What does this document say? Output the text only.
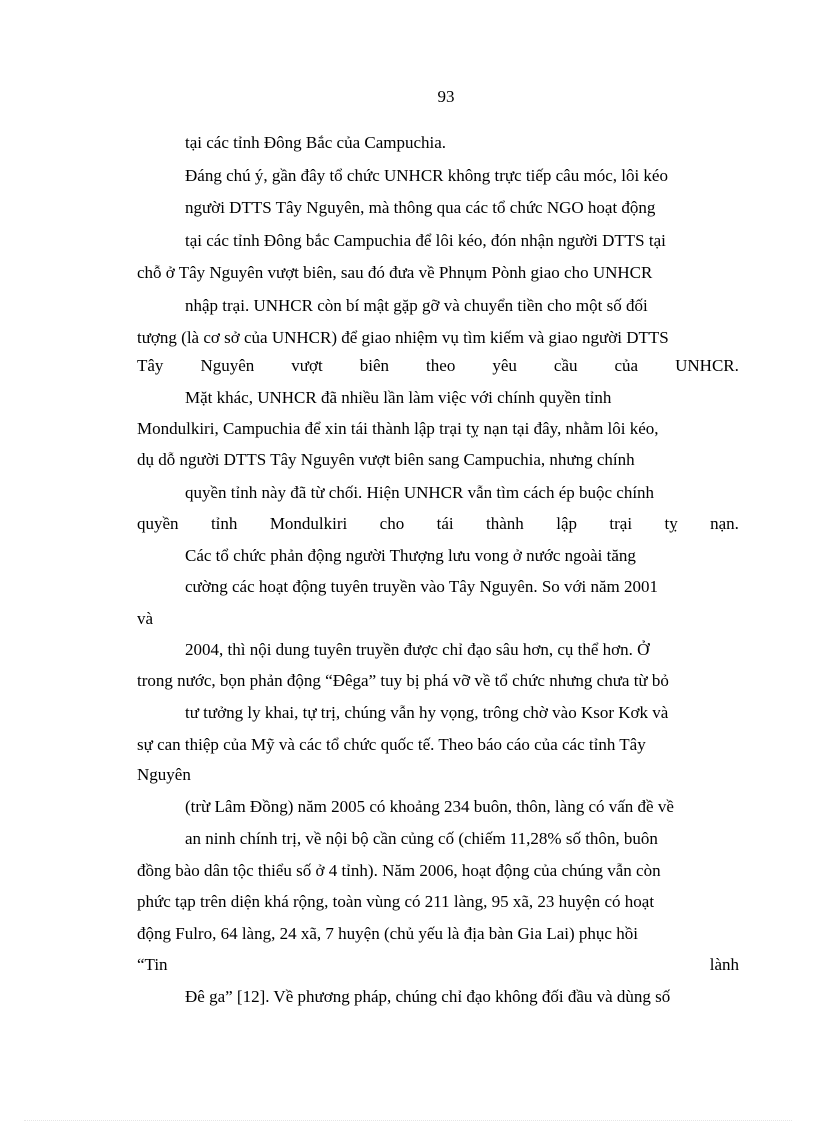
93
tại các tỉnh Đông Bắc của Campuchia.
Đáng chú ý, gần đây tổ chức UNHCR không trực tiếp câu móc, lôi kéo
người DTTS Tây Nguyên, mà thông qua các tổ chức NGO hoạt động
tại các tỉnh Đông bắc Campuchia để lôi kéo, đón nhận người DTTS tại
chỗ ở Tây Nguyên vượt biên, sau đó đưa về Phnụm Pònh giao cho UNHCR
nhập trại. UNHCR còn bí mật gặp gỡ và chuyển tiền cho một số đối
tượng (là cơ sở của UNHCR) để giao nhiệm vụ tìm kiếm và giao người DTTS
Tây Nguyên vượt biên theo yêu cầu của UNHCR.
Mặt khác, UNHCR đã nhiều lần làm việc với chính quyền tỉnh
Mondulkiri, Campuchia để xin tái thành lập trại tỵ nạn tại đây, nhằm lôi kéo,
dụ dỗ người DTTS Tây Nguyên vượt biên sang Campuchia, nhưng chính
quyền tỉnh này đã từ chối. Hiện UNHCR vẫn tìm cách ép buộc chính
quyền tỉnh Mondulkiri cho tái thành lập trại tỵ nạn.
Các tổ chức phản động người Thượng lưu vong ở nước ngoài tăng
cường các hoạt động tuyên truyền vào Tây Nguyên. So với năm 2001
và
2004, thì nội dung tuyên truyền được chỉ đạo sâu hơn, cụ thể hơn. Ở
trong nước, bọn phản động “Đêga” tuy bị phá vỡ về tổ chức nhưng chưa từ bỏ
tư tưởng ly khai, tự trị, chúng vẫn hy vọng, trông chờ vào Ksor Kơk và
sự can thiệp của Mỹ và các tổ chức quốc tế. Theo báo cáo của các tỉnh Tây
Nguyên
(trừ Lâm Đồng) năm 2005 có khoảng 234 buôn, thôn, làng có vấn đề về
an ninh chính trị, về nội bộ cần củng cố (chiếm 11,28% số thôn, buôn
đồng bào dân tộc thiểu số ở 4 tỉnh). Năm 2006, hoạt động của chúng vẫn còn
phức tạp trên diện khá rộng, toàn vùng có 211 làng, 95 xã, 23 huyện có hoạt
động Fulro, 64 làng, 24 xã, 7 huyện (chủ yếu là địa bàn Gia Lai) phục hồi
“Tin	lành
Đê ga” [12]. Về phương pháp, chúng chỉ đạo không đối đầu và dùng số
